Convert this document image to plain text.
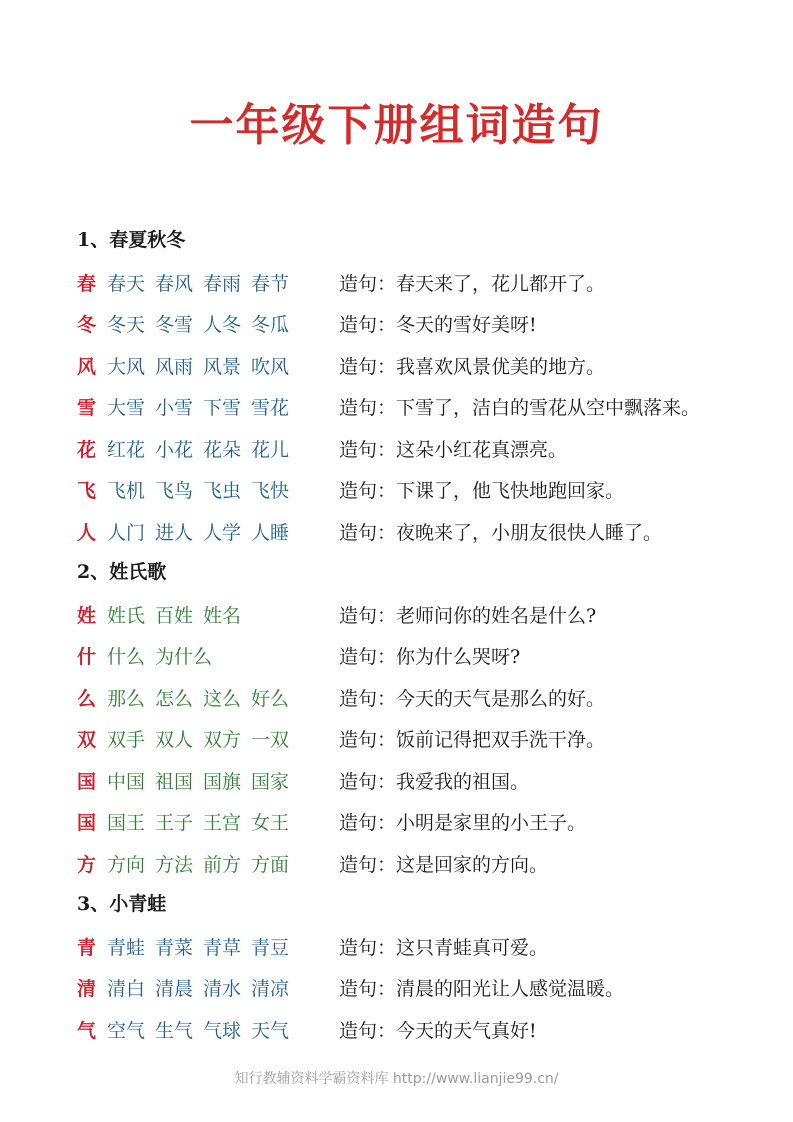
一年级下册组词造句
1、春夏秋冬
春 春天 春风 春雨 春节	造句：春天来了，花儿都开了。
冬 冬天 冬雪 人冬 冬瓜	造句：冬天的雪好美呀!
风 大风 风雨 风景 吹风	造句：我喜欢风景优美的地方。
雪 大雪 小雪 下雪 雪花	造句：下雪了，洁白的雪花从空中飘落来。
花 红花 小花 花朵 花儿	造句：这朵小红花真漂亮。
飞 飞机 飞鸟 飞虫 飞快	造句：下课了，他飞快地跑回家。
人 人门 进人 人学 人睡	造句：夜晚来了，小朋友很快人睡了。
2、姓氏歌
姓 姓氏 百姓 姓名	造句：老师问你的姓名是什么?
什 什么 为什么	造句：你为什么哭呀?
么 那么 怎么 这么 好么	造句：今天的天气是那么的好。
双 双手 双人 双方 一双	造句：饭前记得把双手洗干净。
国 中国 祖国 国旗 国家	造句：我爱我的祖国。
国 国王 王子 王宫 女王	造句：小明是家里的小王子。
方 方向 方法 前方 方面	造句：这是回家的方向。
3、小青蛙
青 青蛙 青菜 青草 青豆	造句：这只青蛙真可爱。
清 清白 清晨 清水 清凉	造句：清晨的阳光让人感觉温暖。
气 空气 生气 气球 天气	造句：今天的天气真好!
知行教辅资料学霸资料库 http://www.lianjie99.cn/
